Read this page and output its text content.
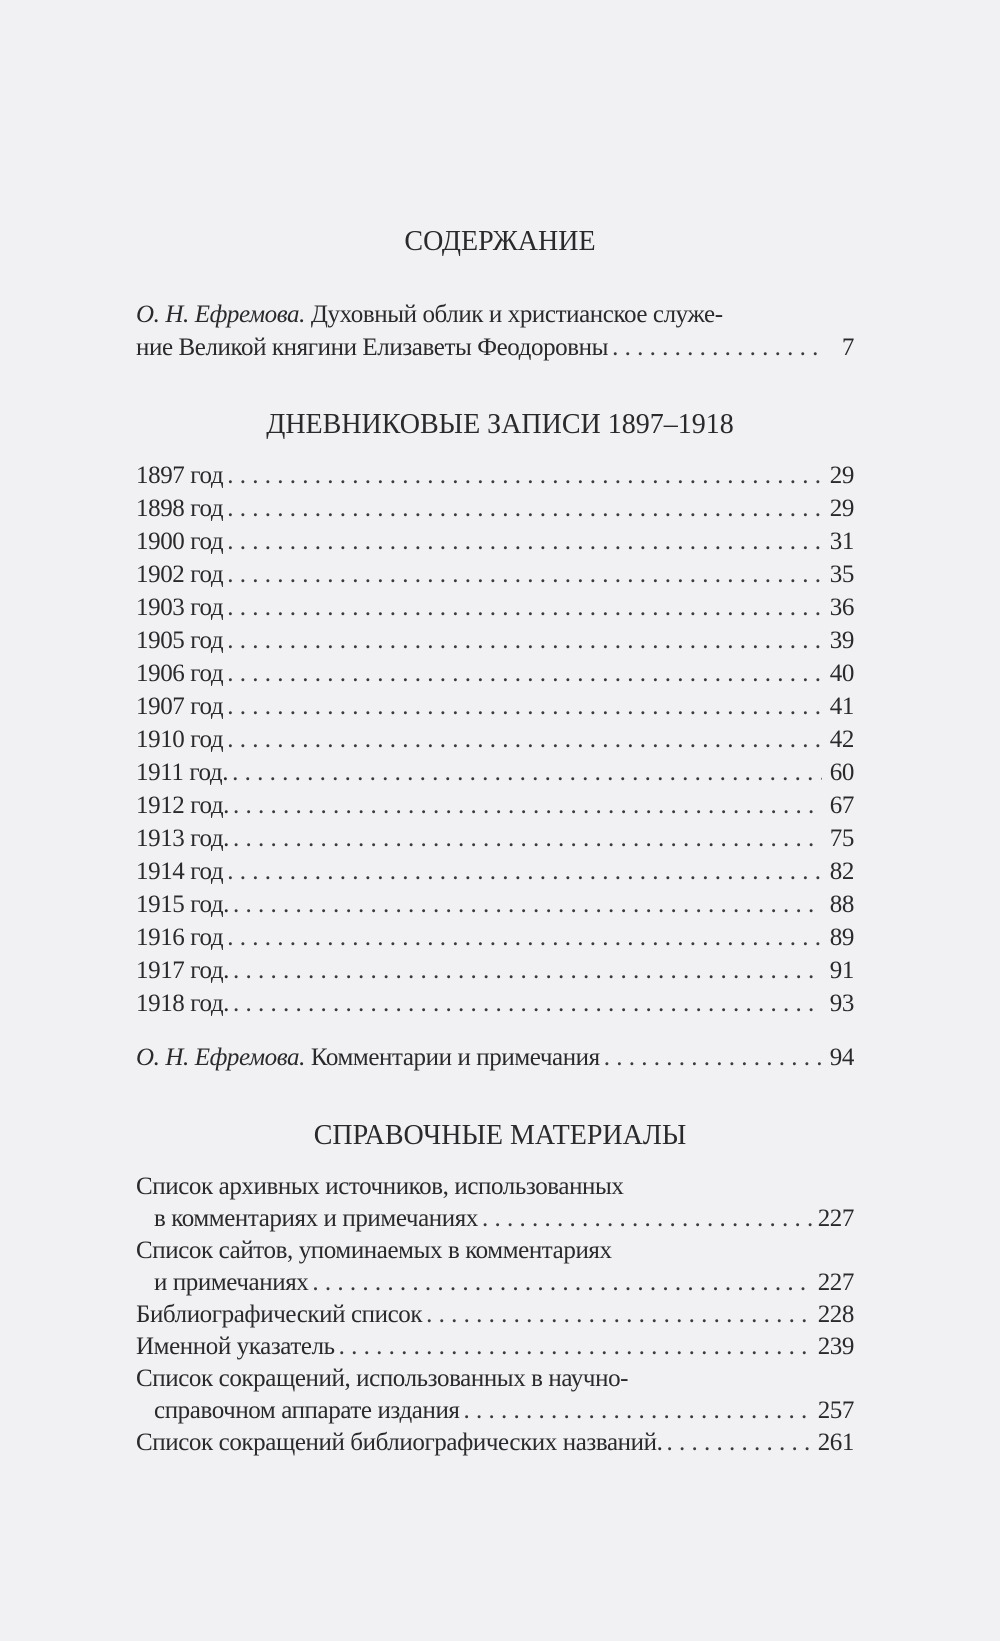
СОДЕРЖАНИЕ
О. Н. Ефремова. Духовный облик и христианское служе-
ние Великой княгини Елизаветы Феодоровны . . .	7
ДНЕВНИКОВЫЕ ЗАПИСИ 1897–1918
1897 год . . .	29
1898 год . . .	29
1900 год . . .	31
1902 год . . .	35
1903 год . . .	36
1905 год . . .	39
1906 год . . .	40
1907 год . . .	41
1910 год . . .	42
1911 год. . . .	60
1912 год. . . .	67
1913 год. . . .	75
1914 год . . .	82
1915 год. . . .	88
1916 год . . .	89
1917 год. . . .	91
1918 год. . . .	93
О. Н. Ефремова. Комментарии и примечания . . .	94
СПРАВОЧНЫЕ МАТЕРИАЛЫ
Список архивных источников, использованных
в комментариях и примечаниях . . .	227
Список сайтов, упоминаемых в комментариях
и примечаниях . . .	227
Библиографический список . . .	228
Именной указатель . . .	239
Список сокращений, использованных в научно-
справочном аппарате издания . . .	257
Список сокращений библиографических названий. . . .	261
